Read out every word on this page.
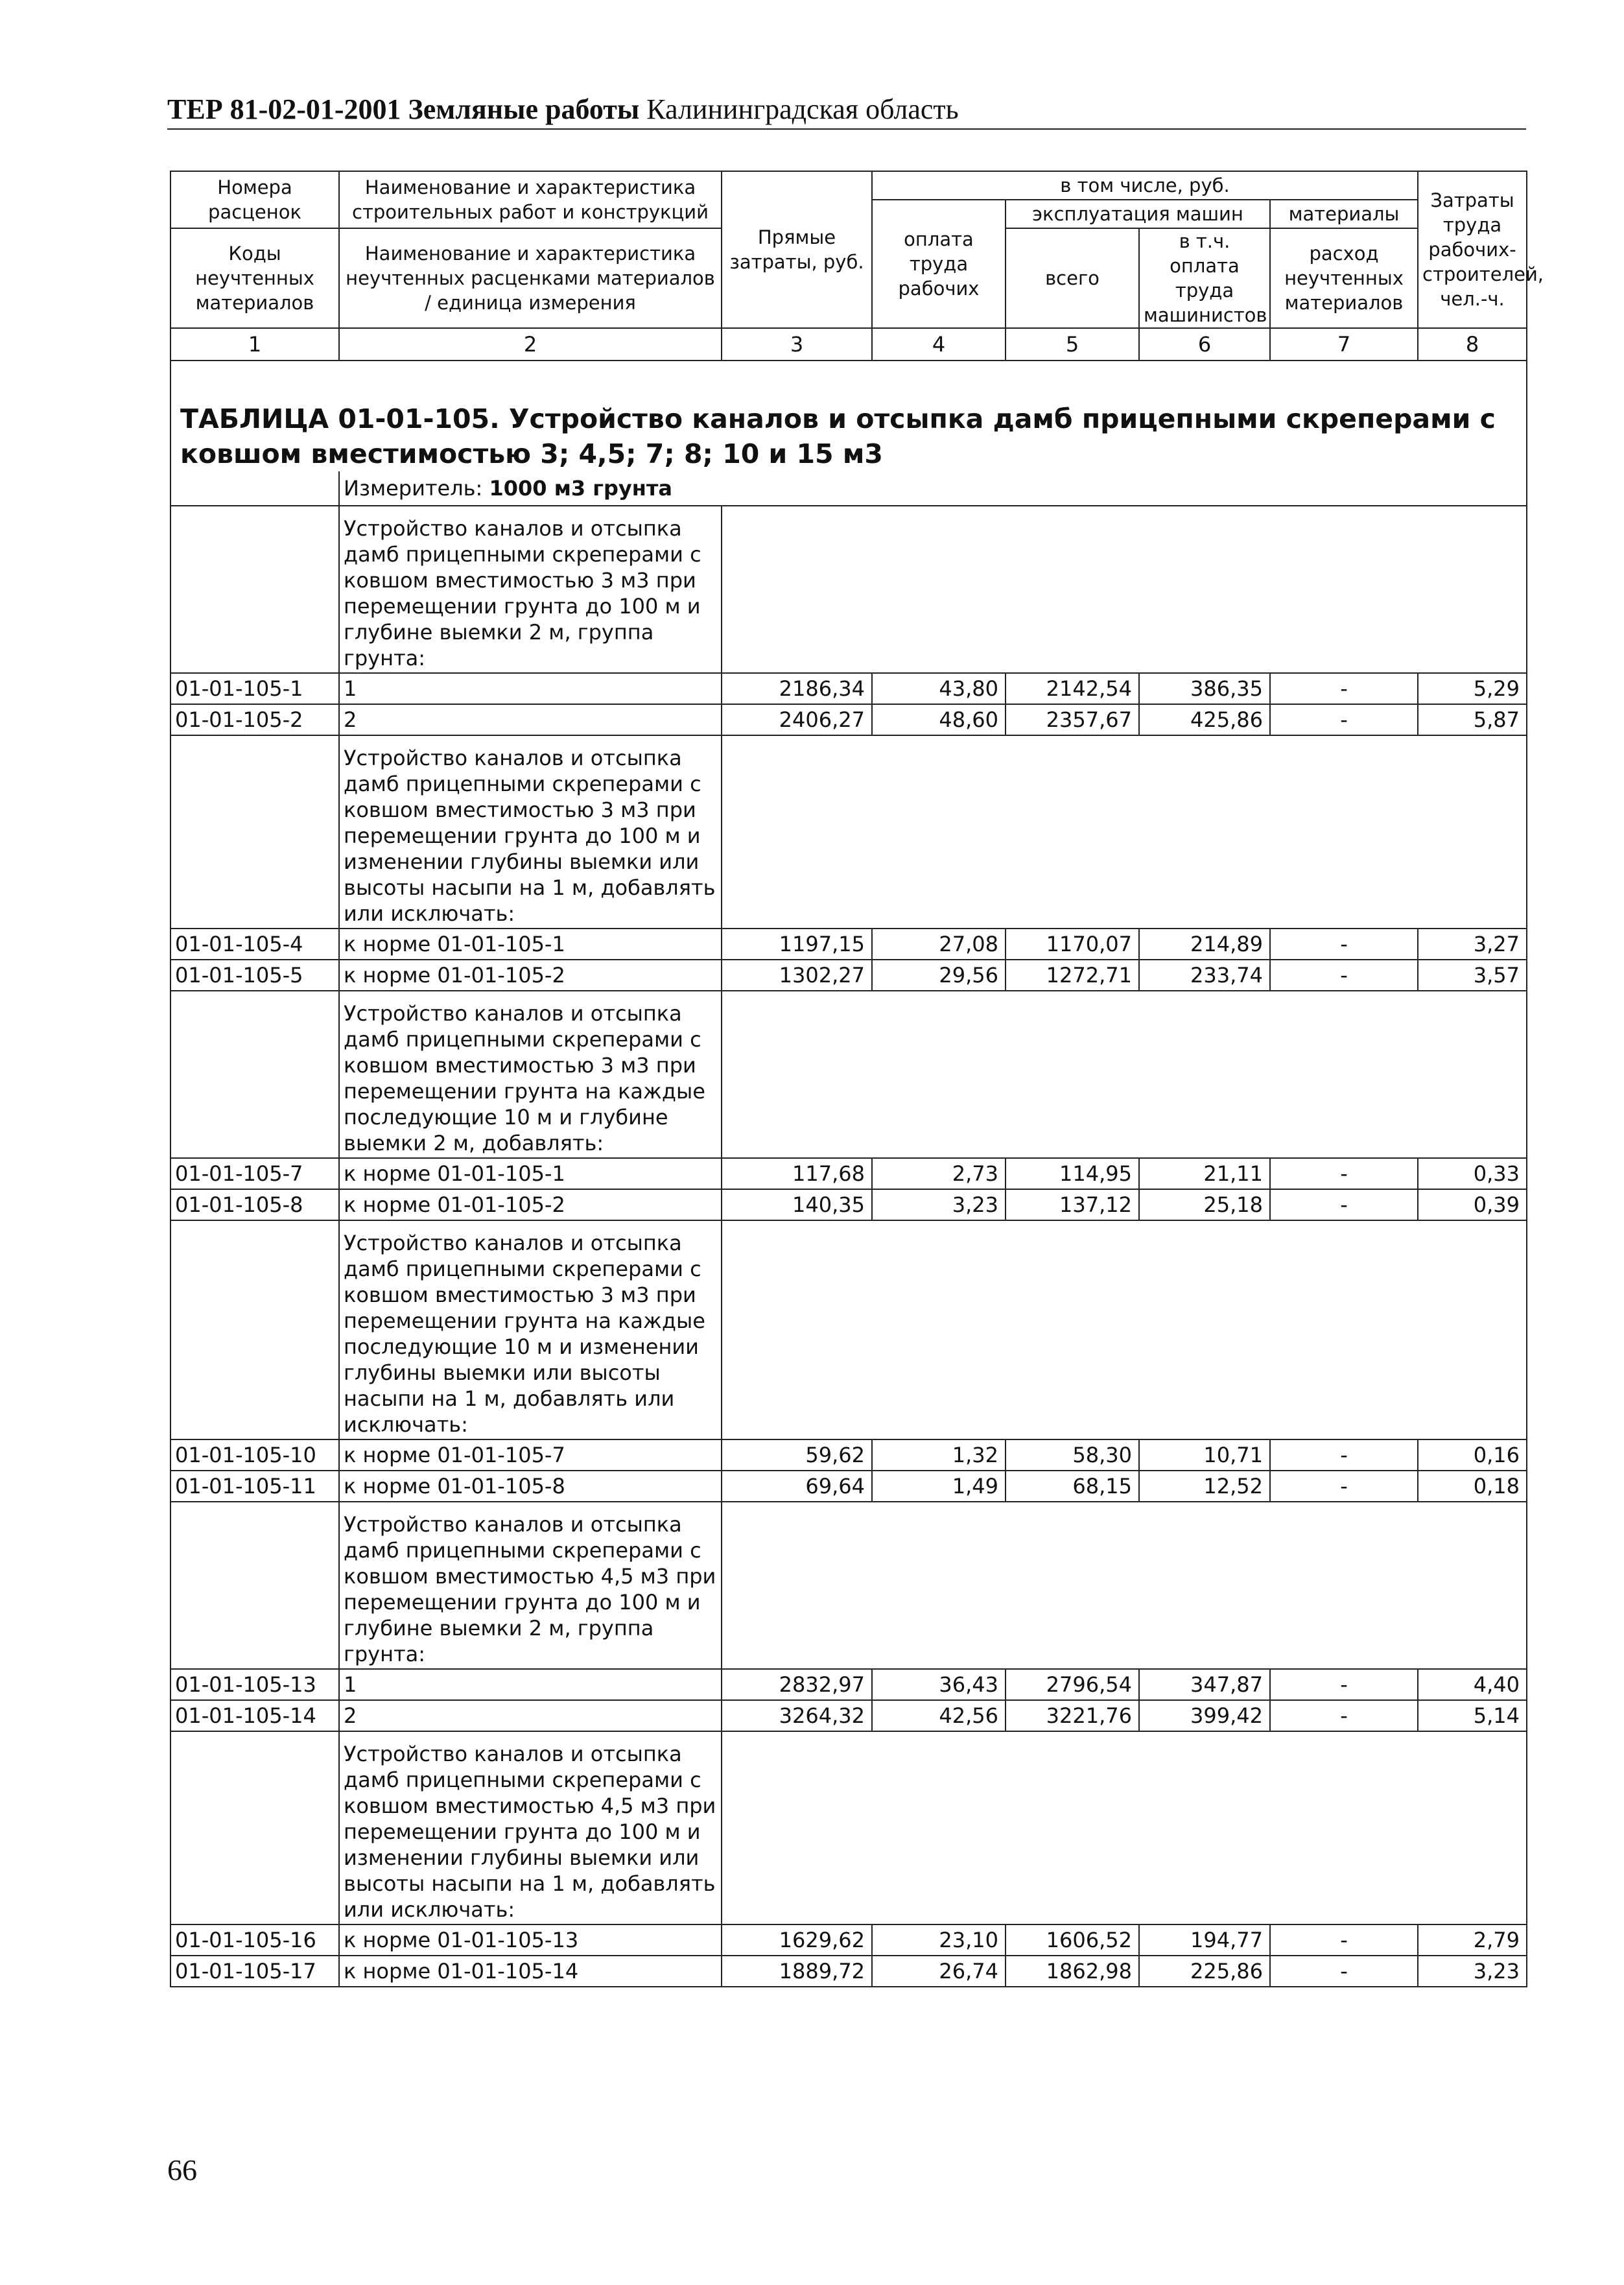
ТЕР 81-02-01-2001 Земляные работы Калининградская область
Номера расценок	Наименование и характеристика строительных работ и конструкций	Прямые затраты, руб.	в том числе, руб.				Затраты труда рабочих-строителей, чел.-ч.
			оплата труда рабочих	эксплуатация машин		материалы	
Коды неучтенных материалов	Наименование и характеристика неучтенных расценками материалов / единица измерения			всего	в т.ч. оплата труда машинистов	расход неучтенных материалов	

1	2	3	4	5	6	7	8
ТАБЛИЦА 01-01-105. Устройство каналов и отсыпка дамб прицепными скреперами с ковшом вместимостью 3; 4,5; 7; 8; 10 и 15 м3							
	Измеритель: 1000 м3 грунта						
	Устройство каналов и отсыпка дамб прицепными скреперами с ковшом вместимостью 3 м3 при перемещении грунта до 100 м и глубине выемки 2 м, группа грунта:						
01-01-105-1	1	2186,34	43,80	2142,54	386,35	-	5,29
01-01-105-2	2	2406,27	48,60	2357,67	425,86	-	5,87
	Устройство каналов и отсыпка дамб прицепными скреперами с ковшом вместимостью 3 м3 при перемещении грунта до 100 м и изменении глубины выемки или высоты насыпи на 1 м, добавлять или исключать:						
01-01-105-4	к норме 01-01-105-1	1197,15	27,08	1170,07	214,89	-	3,27
01-01-105-5	к норме 01-01-105-2	1302,27	29,56	1272,71	233,74	-	3,57
	Устройство каналов и отсыпка дамб прицепными скреперами с ковшом вместимостью 3 м3 при перемещении грунта на каждые последующие 10 м и глубине выемки 2 м, добавлять:						
01-01-105-7	к норме 01-01-105-1	117,68	2,73	114,95	21,11	-	0,33
01-01-105-8	к норме 01-01-105-2	140,35	3,23	137,12	25,18	-	0,39
	Устройство каналов и отсыпка дамб прицепными скреперами с ковшом вместимостью 3 м3 при перемещении грунта на каждые последующие 10 м и изменении глубины выемки или высоты насыпи на 1 м, добавлять или исключать:						
01-01-105-10	к норме 01-01-105-7	59,62	1,32	58,30	10,71	-	0,16
01-01-105-11	к норме 01-01-105-8	69,64	1,49	68,15	12,52	-	0,18
	Устройство каналов и отсыпка дамб прицепными скреперами с ковшом вместимостью 4,5 м3 при перемещении грунта до 100 м и глубине выемки 2 м, группа грунта:						
01-01-105-13	1	2832,97	36,43	2796,54	347,87	-	4,40
01-01-105-14	2	3264,32	42,56	3221,76	399,42	-	5,14
	Устройство каналов и отсыпка дамб прицепными скреперами с ковшом вместимостью 4,5 м3 при перемещении грунта до 100 м и изменении глубины выемки или высоты насыпи на 1 м, добавлять или исключать:						
01-01-105-16	к норме 01-01-105-13	1629,62	23,10	1606,52	194,77	-	2,79
01-01-105-17	к норме 01-01-105-14	1889,72	26,74	1862,98	225,86	-	3,23
66
